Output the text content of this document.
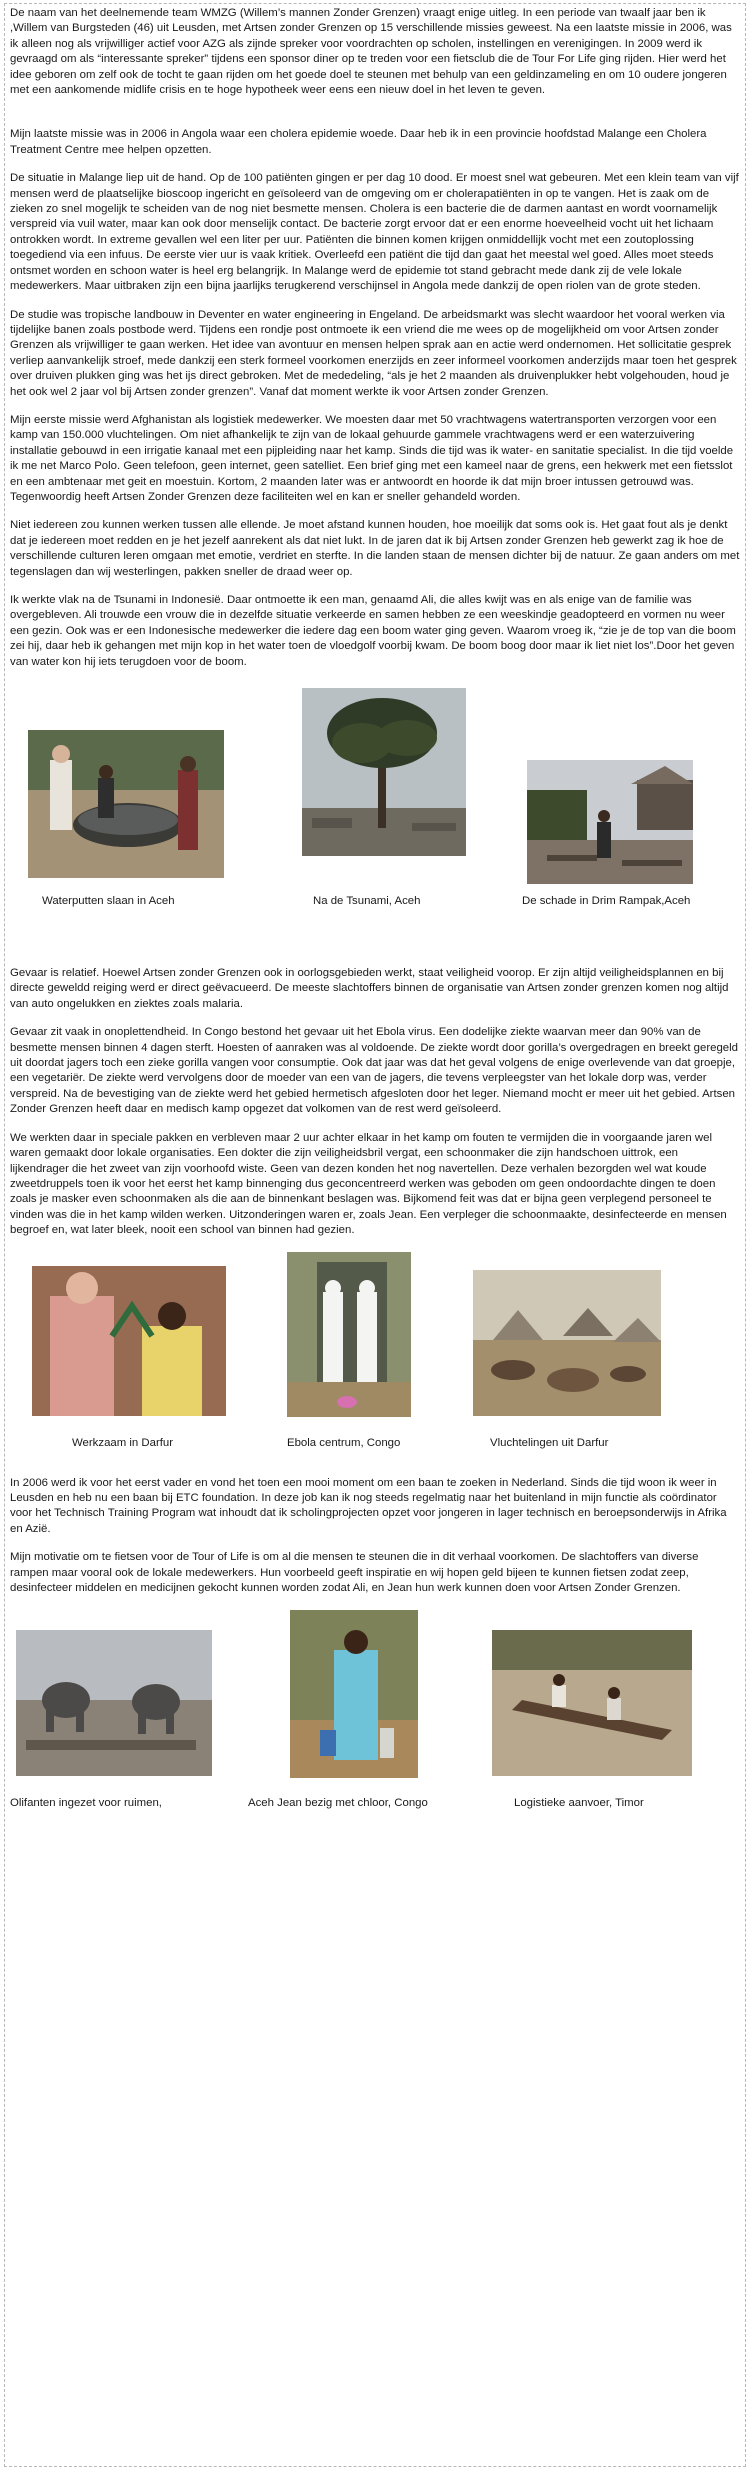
De naam van het deelnemende team WMZG (Willem’s mannen Zonder Grenzen) vraagt enige uitleg. In een periode van twaalf jaar ben ik ,Willem van Burgsteden (46) uit Leusden, met Artsen zonder Grenzen op 15 verschillende missies geweest. Na een laatste missie in 2006, was ik alleen nog als vrijwilliger actief voor AZG als zijnde spreker voor voordrachten op scholen, instellingen en verenigingen. In 2009 werd ik gevraagd om als “interessante spreker” tijdens een sponsor diner op te treden voor een fietsclub die de Tour For Life ging rijden. Hier werd het idee geboren om zelf ook de tocht te gaan rijden om het goede doel te steunen met behulp van een geldinzameling en om 10 oudere jongeren met een aankomende midlife crisis en te hoge hypotheek weer eens een nieuw doel in het leven te geven.

Mijn laatste missie was in 2006 in Angola waar een cholera epidemie woede. Daar heb ik in een provincie hoofdstad Malange een Cholera Treatment Centre mee helpen opzetten.

De situatie in Malange liep uit de hand. Op de 100 patiënten gingen er per dag 10 dood. Er moest snel wat gebeuren. Met een klein team van vijf mensen werd de plaatselijke bioscoop ingericht en geïsoleerd van de omgeving om er cholerapatiënten in op te vangen. Het is zaak om de zieken zo snel mogelijk te scheiden van de nog niet besmette mensen. Cholera is een bacterie die de darmen aantast en wordt voornamelijk verspreid via vuil water, maar kan ook door menselijk contact. De bacterie zorgt ervoor dat er een enorme hoeveelheid vocht uit het lichaam ontrokken wordt. In extreme gevallen wel een liter per uur. Patiënten die binnen komen krijgen onmiddellijk vocht met een zoutoplossing toegediend via een infuus. De eerste vier uur is vaak kritiek. Overleefd een patiënt die tijd dan gaat het meestal wel goed. Alles moet steeds ontsmet worden en schoon water is heel erg belangrijk. In Malange werd de epidemie tot stand gebracht mede dank zij de vele lokale medewerkers. Maar uitbraken zijn een bijna jaarlijks terugkerend verschijnsel in Angola mede dankzij de open riolen van de grote steden.

De studie was tropische landbouw in Deventer en water engineering in Engeland. De arbeidsmarkt was slecht waardoor het vooral werken via tijdelijke banen zoals postbode werd. Tijdens een rondje post ontmoete ik een vriend die me wees op de mogelijkheid om voor Artsen zonder Grenzen als vrijwilliger te gaan werken. Het idee van avontuur en mensen helpen sprak aan en actie werd ondernomen. Het sollicitatie gesprek verliep aanvankelijk stroef, mede dankzij een sterk formeel voorkomen enerzijds en zeer informeel voorkomen anderzijds maar toen het gesprek over druiven plukken ging was het ijs direct gebroken. Met de mededeling, “als je het 2 maanden als druivenplukker hebt volgehouden, houd je het ook wel 2 jaar vol bij Artsen zonder grenzen”. Vanaf dat moment werkte ik voor Artsen zonder Grenzen.

Mijn eerste missie werd Afghanistan als logistiek medewerker. We moesten daar met 50 vrachtwagens watertransporten verzorgen voor een kamp van 150.000 vluchtelingen. Om niet afhankelijk te zijn van de lokaal gehuurde gammele vrachtwagens werd er een waterzuivering installatie gebouwd in een irrigatie kanaal met een pijpleiding naar het kamp. Sinds die tijd was ik water- en sanitatie specialist. In die tijd voelde ik me net Marco Polo. Geen telefoon, geen internet, geen satelliet. Een brief ging met een kameel naar de grens, een hekwerk met een fietsslot en een ambtenaar met geit en moestuin. Kortom, 2 maanden later was er antwoordt en hoorde ik dat mijn broer intussen getrouwd was. Tegenwoordig heeft Artsen Zonder Grenzen deze faciliteiten wel en kan er sneller gehandeld worden.

Niet iedereen zou kunnen werken tussen alle ellende. Je moet afstand kunnen houden, hoe moeilijk dat soms ook is. Het gaat fout als je denkt dat je iedereen moet redden en je het jezelf aanrekent als dat niet lukt. In de jaren dat ik bij Artsen zonder Grenzen heb gewerkt zag ik hoe de verschillende culturen leren omgaan met emotie, verdriet en sterfte. In die landen staan de mensen dichter bij de natuur. Ze gaan anders om met tegenslagen dan wij westerlingen, pakken sneller de draad weer op.

Ik werkte vlak na de Tsunami in Indonesië. Daar ontmoette ik een man, genaamd Ali, die alles kwijt was en als enige van de familie was overgebleven. Ali trouwde een vrouw die in dezelfde situatie verkeerde en samen hebben ze een weeskindje geadopteerd en vormen nu weer een gezin. Ook was er een Indonesische medewerker die iedere dag een boom water ging geven. Waarom vroeg ik, “zie je de top van die boom zei hij, daar heb ik gehangen met mijn kop in het water toen de vloedgolf voorbij kwam. De boom boog door maar ik liet niet los”.Door het geven van water kon hij iets terugdoen voor de boom.

Waterputten slaan in Aceh	Na de Tsunami, Aceh	De schade in Drim Rampak,Aceh

Gevaar is relatief. Hoewel Artsen zonder Grenzen ook in oorlogsgebieden werkt, staat veiligheid voorop. Er zijn altijd veiligheidsplannen en bij directe geweldd reiging werd er direct geëvacueerd. De meeste slachtoffers binnen de organisatie van Artsen zonder grenzen komen nog altijd van auto ongelukken en ziektes zoals malaria.

Gevaar zit vaak in onoplettendheid. In Congo bestond het gevaar uit het Ebola virus. Een dodelijke ziekte waarvan meer dan 90% van de besmette mensen binnen 4 dagen sterft. Hoesten of aanraken was al voldoende. De ziekte wordt door gorilla’s overgedragen en breekt geregeld uit doordat jagers toch een zieke gorilla vangen voor consumptie. Ook dat jaar was dat het geval volgens de enige overlevende van dat groepje, een vegetariër. De ziekte werd vervolgens door de moeder van een van de jagers, die tevens verpleegster van het lokale dorp was, verder verspreid. Na de bevestiging van de ziekte werd het gebied hermetisch afgesloten door het leger. Niemand mocht er meer uit het gebied. Artsen Zonder Grenzen heeft daar en medisch kamp opgezet dat volkomen van de rest werd geïsoleerd.

We werkten daar in speciale pakken en verbleven maar 2 uur achter elkaar in het kamp om fouten te vermijden die in voorgaande jaren wel waren gemaakt door lokale organisaties. Een dokter die zijn veiligheidsbril vergat, een schoonmaker die zijn handschoen uittrok, een lijkendrager die het zweet van zijn voorhoofd wiste. Geen van dezen konden het nog navertellen. Deze verhalen bezorgden wel wat koude zweetdruppels toen ik voor het eerst het kamp binnenging dus geconcentreerd werken was geboden om geen ondoordachte dingen te doen zoals je masker even schoonmaken als die aan de binnenkant beslagen was. Bijkomend feit was dat er bijna geen verplegend personeel te vinden was die in het kamp wilden werken. Uitzonderingen waren er, zoals Jean. Een verpleger die schoonmaakte, desinfecteerde en mensen begroef en, wat later bleek, nooit een school van binnen had gezien.

Werkzaam in Darfur	Ebola centrum, Congo	Vluchtelingen uit Darfur

In 2006 werd ik voor het eerst vader en vond het toen een mooi moment om een baan te zoeken in Nederland. Sinds die tijd woon ik weer in Leusden en heb nu een baan bij ETC foundation. In deze job kan ik nog steeds regelmatig naar het buitenland in mijn functie als coördinator voor het Technisch Training Program wat inhoudt dat ik scholingprojecten opzet voor jongeren in lager technisch en beroepsonderwijs in Afrika en Azië.

Mijn motivatie om te fietsen voor de Tour of Life is om al die mensen te steunen die in dit verhaal voorkomen. De slachtoffers van diverse rampen maar vooral ook de lokale medewerkers. Hun voorbeeld geeft inspiratie en wij hopen geld bijeen te kunnen fietsen zodat zeep, desinfecteer middelen en medicijnen gekocht kunnen worden zodat Ali, en Jean hun werk kunnen doen voor Artsen Zonder Grenzen.

Olifanten ingezet voor ruimen,	Aceh Jean bezig met chloor, Congo	Logistieke aanvoer, Timor
